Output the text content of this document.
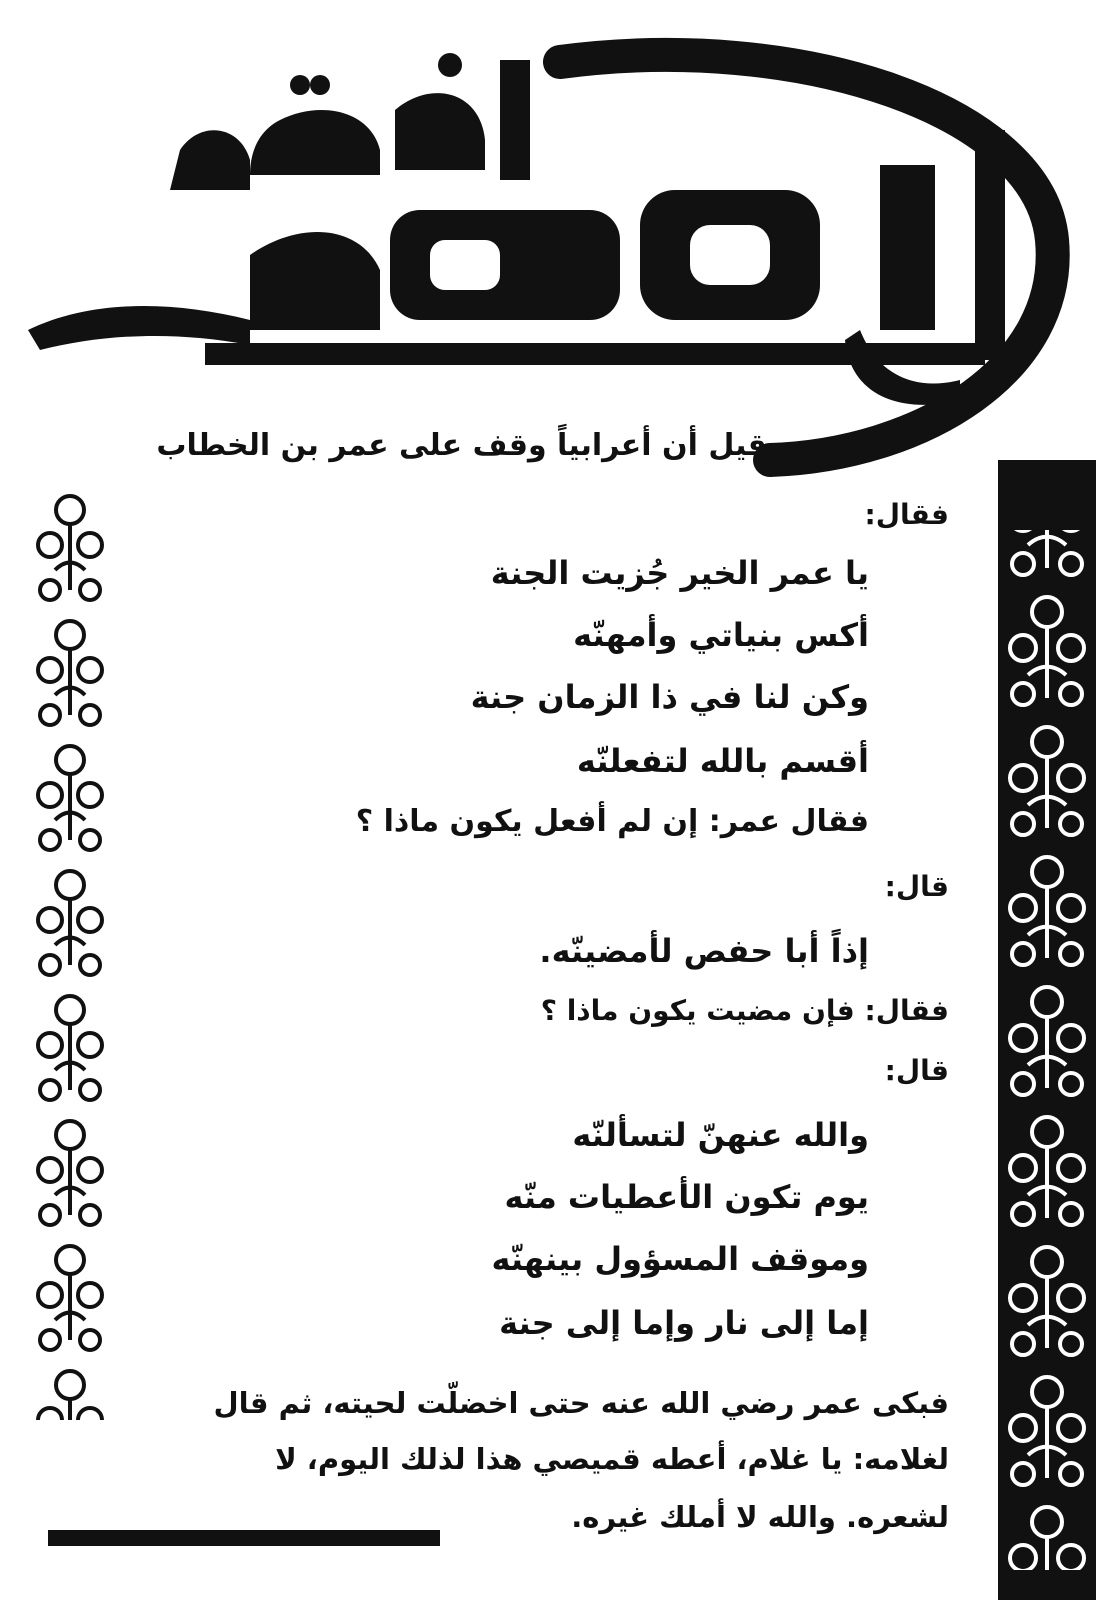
قيل أن أعرابياً وقف على عمر بن الخطاب
فقال:
يا عمر الخير جُزيت الجنة
أكس بنياتي وأمهنّه
وكن لنا في ذا الزمان جنة
أقسم بالله لتفعلنّه
فقال عمر: إن لم أفعل يكون ماذا ؟
قال:
إذاً أبا حفص لأمضينّه.
فقال: فإن مضيت يكون ماذا ؟
قال:
والله عنهنّ لتسألنّه
يوم تكون الأعطيات منّه
وموقف المسؤول بينهنّه
إما إلى نار وإما إلى جنة
فبكى عمر رضي الله عنه حتى اخضلّت لحيته، ثم قال
لغلامه: يا غلام، أعطه قميصي هذا لذلك اليوم، لا
لشعره. والله لا أملك غيره.
